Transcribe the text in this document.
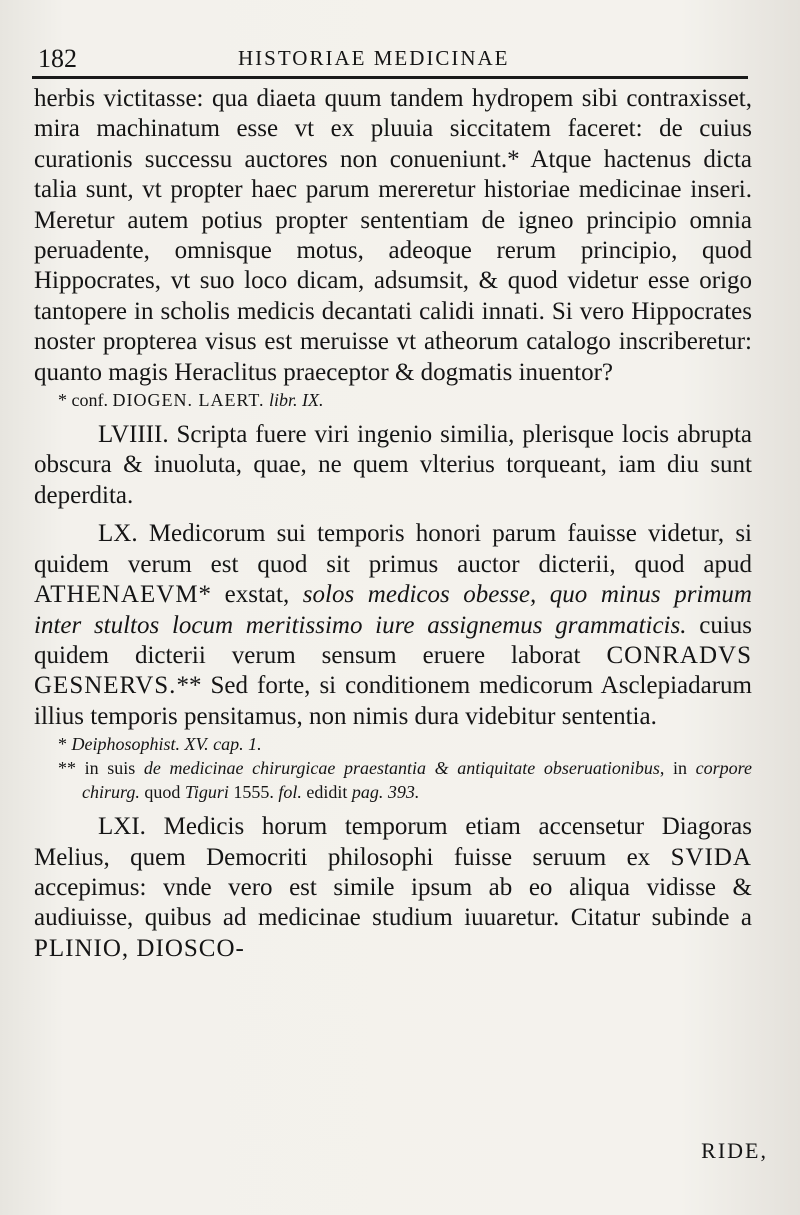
182	HISTORIAE MEDICINAE

herbis victitasse: qua diaeta quum tandem hydropem sibi contraxisset, mira machinatum esse vt ex pluuia siccitatem faceret: de cuius curationis successu auctores non conueniunt.* Atque hactenus dicta talia sunt, vt propter haec parum mereretur historiae medicinae inseri. Meretur autem potius propter sententiam de igneo principio omnia peruadente, omnisque motus, adeoque rerum principio, quod Hippocrates, vt suo loco dicam, adsumsit, & quod videtur esse origo tantopere in scholis medicis decantati calidi innati. Si vero Hippocrates noster propterea visus est meruisse vt atheorum catalogo inscriberetur: quanto magis Heraclitus praeceptor & dogmatis inuentor?

* conf. DIOGEN. LAERT. libr. IX.

LVIIII. Scripta fuere viri ingenio similia, plerisque locis abrupta obscura & inuoluta, quae, ne quem vlterius torqueant, iam diu sunt deperdita.

LX. Medicorum sui temporis honori parum fauisse videtur, si quidem verum est quod sit primus auctor dicterii, quod apud ATHENAEVM* exstat, solos medicos obesse, quo minus primum inter stultos locum meritissimo iure assignemus grammaticis. cuius quidem dicterii verum sensum eruere laborat CONRADVS GESNERVS.** Sed forte, si conditionem medicorum Asclepiadarum illius temporis pensitamus, non nimis dura videbitur sententia.

* Deiphosophist. XV. cap. 1.

** in suis de medicinae chirurgicae praestantia & antiquitate obseruationibus, in corpore chirurg. quod Tiguri 1555. fol. edidit pag. 393.

LXI. Medicis horum temporum etiam accensetur Diagoras Melius, quem Democriti philosophi fuisse seruum ex SVIDA accepimus: vnde vero est simile ipsum ab eo aliqua vidisse & audiuisse, quibus ad medicinae studium iuuaretur. Citatur subinde a PLINIO, DIOSCO-

RIDE,
